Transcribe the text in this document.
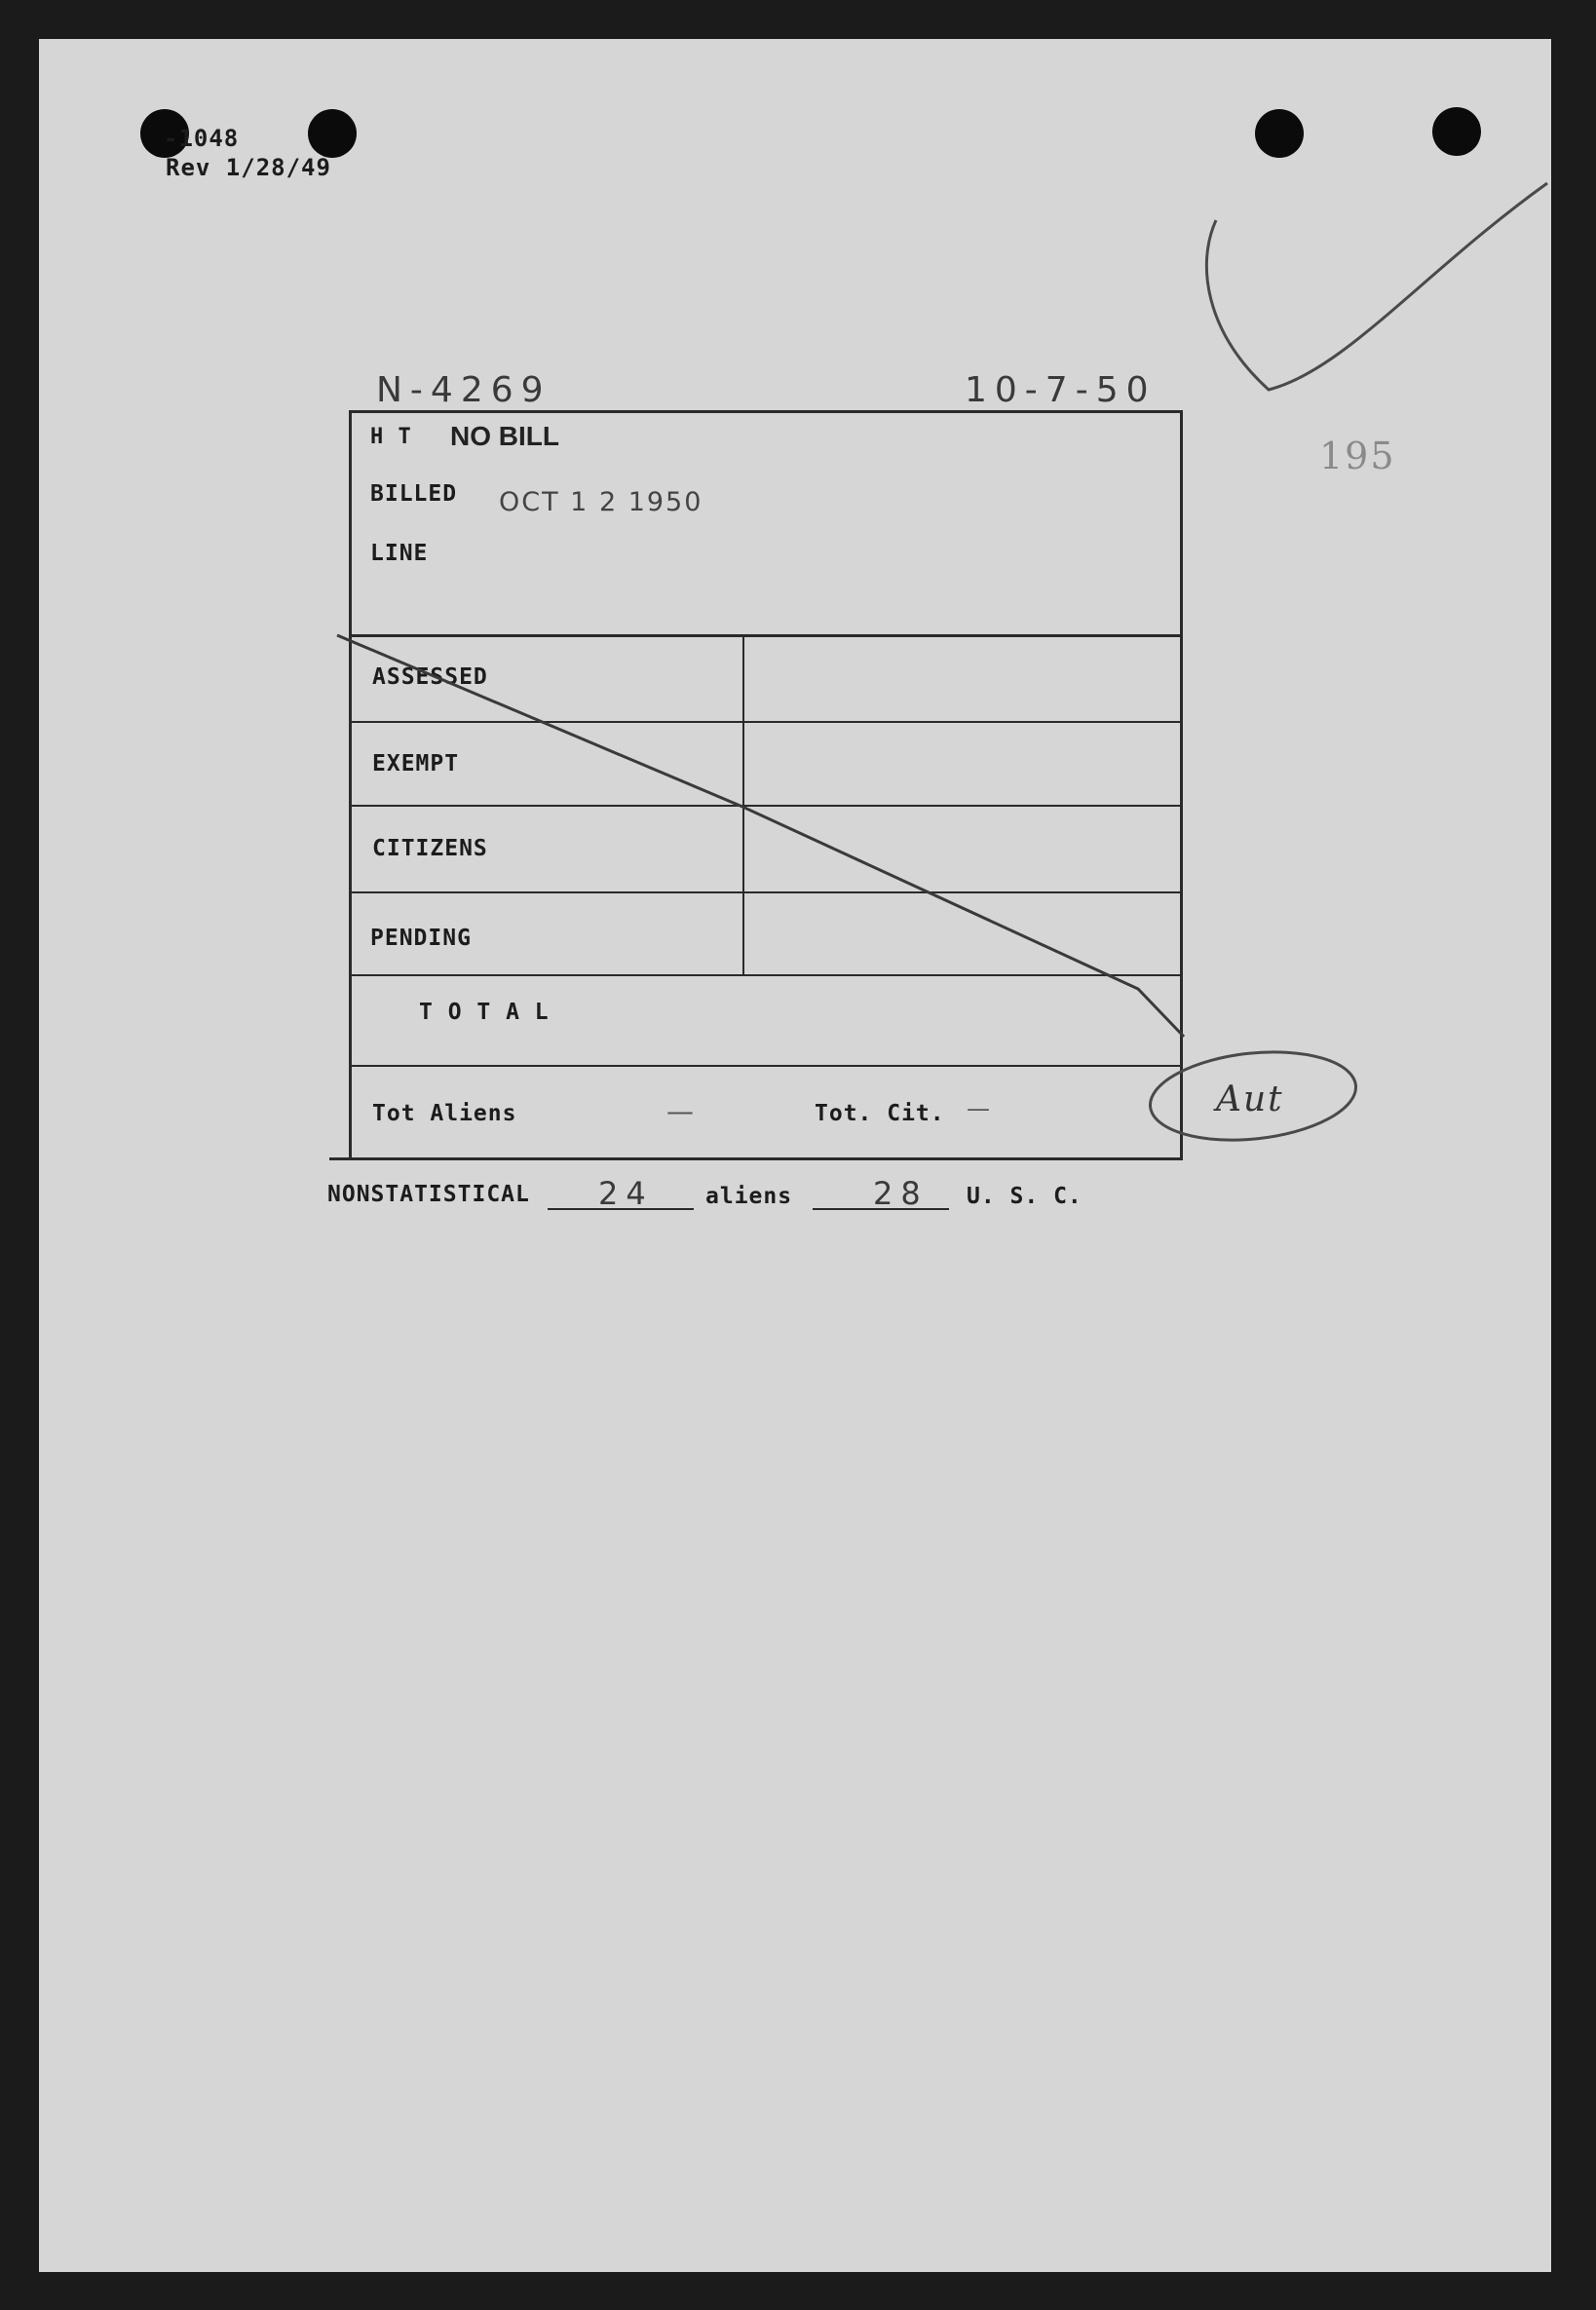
-1048
Rev 1/28/49
195
N-4269	10-7-50
H T NO BILL
BILLED OCT 1 2 1950
LINE
ASSESSED
EXEMPT
CITIZENS
PENDING
T O T A L
Tot Aliens	—	Tot. Cit. —
NONSTATISTICAL 24 aliens	28 U. S. C.
Aut
